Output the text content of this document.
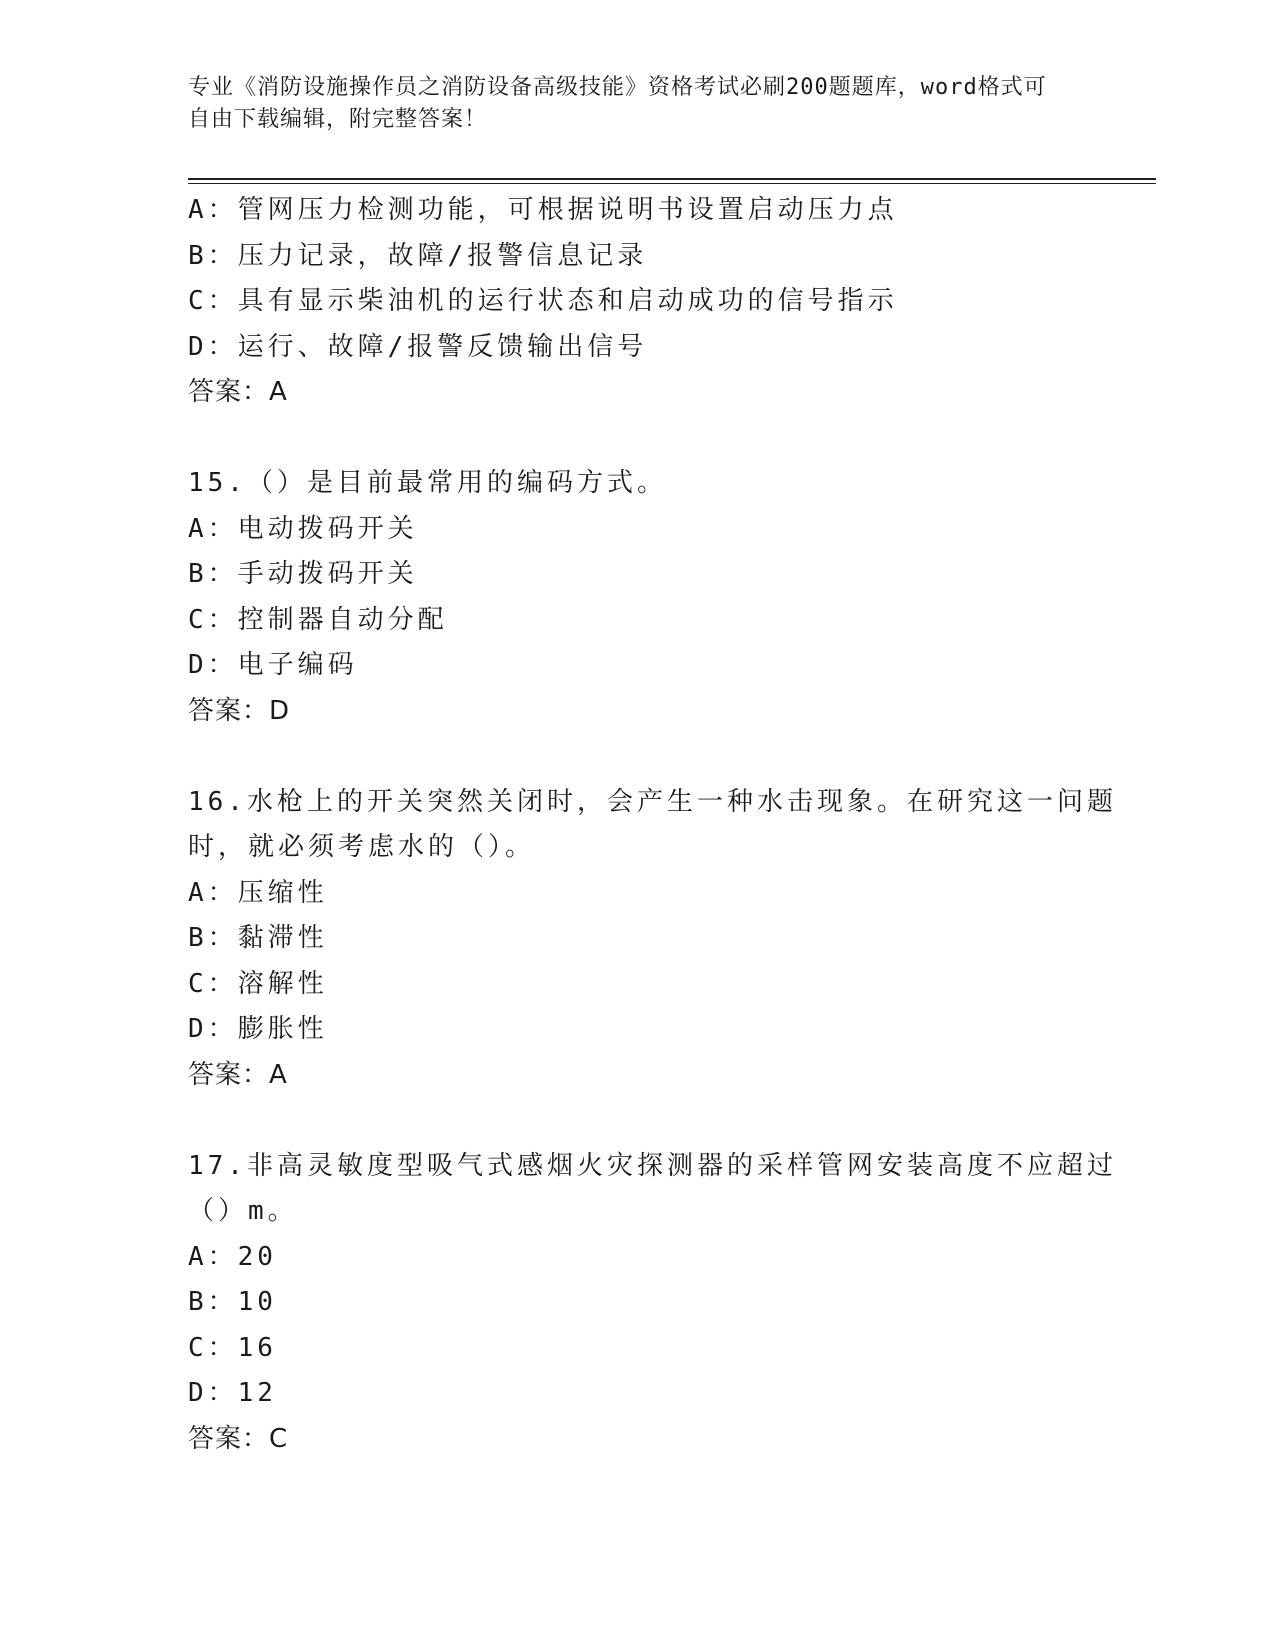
专业《消防设施操作员之消防设备高级技能》资格考试必刷200题题库，word格式可自由下载编辑，附完整答案！
A：管网压力检测功能，可根据说明书设置启动压力点
B：压力记录，故障/报警信息记录
C：具有显示柴油机的运行状态和启动成功的信号指示
D：运行、故障/报警反馈输出信号
答案：A
15.（）是目前最常用的编码方式。
A：电动拨码开关
B：手动拨码开关
C：控制器自动分配
D：电子编码
答案：D
16.水枪上的开关突然关闭时，会产生一种水击现象。在研究这一问题
时，就必须考虑水的（）。
A：压缩性
B：黏滞性
C：溶解性
D：膨胀性
答案：A
17.非高灵敏度型吸气式感烟火灾探测器的采样管网安装高度不应超过
（）m。
A：20
B：10
C：16
D：12
答案：C
